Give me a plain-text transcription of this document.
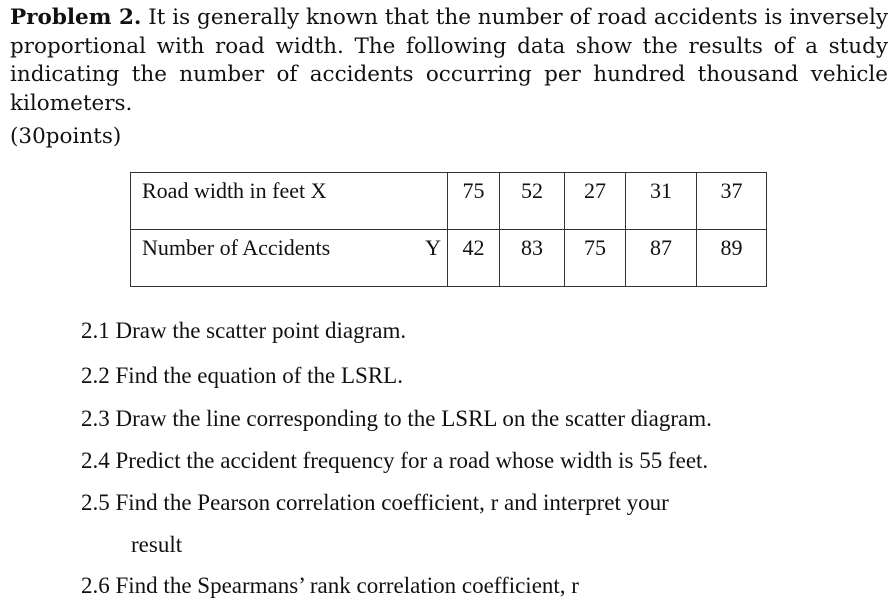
Problem 2. It is generally known that the number of road accidents is inversely proportional with road width. The following data show the results of a study indicating the number of accidents occurring per hundred thousand vehicle kilometers.
(30points)
Road width in feet X	75	52	27	31	37
Number of Accidents Y	42	83	75	87	89
2.1 Draw the scatter point diagram.
2.2 Find the equation of the LSRL.
2.3 Draw the line corresponding to the LSRL on the scatter diagram.
2.4 Predict the accident frequency for a road whose width is 55 feet.
2.5 Find the Pearson correlation coefficient, r and interpret your
result
2.6 Find the Spearmans’ rank correlation coefficient, r
